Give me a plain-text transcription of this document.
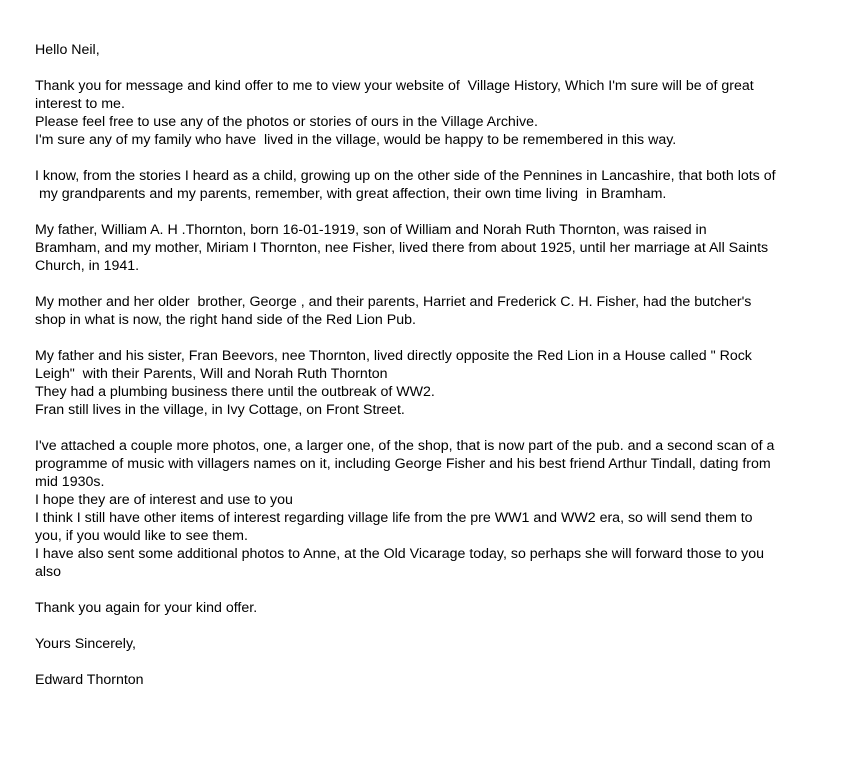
Hello Neil,

Thank you for message and kind offer to me to view your website of  Village History, Which I'm sure will be of great
interest to me.
Please feel free to use any of the photos or stories of ours in the Village Archive.
I'm sure any of my family who have  lived in the village, would be happy to be remembered in this way.

I know, from the stories I heard as a child, growing up on the other side of the Pennines in Lancashire, that both lots of
my grandparents and my parents, remember, with great affection, their own time living  in Bramham.

My father, William A. H .Thornton, born 16-01-1919, son of William and Norah Ruth Thornton, was raised in
Bramham, and my mother, Miriam I Thornton, nee Fisher, lived there from about 1925, until her marriage at All Saints
Church, in 1941.

My mother and her older  brother, George , and their parents, Harriet and Frederick C. H. Fisher, had the butcher's
shop in what is now, the right hand side of the Red Lion Pub.

My father and his sister, Fran Beevors, nee Thornton, lived directly opposite the Red Lion in a House called " Rock
Leigh"  with their Parents, Will and Norah Ruth Thornton
They had a plumbing business there until the outbreak of WW2.
Fran still lives in the village, in Ivy Cottage, on Front Street.

I've attached a couple more photos, one, a larger one, of the shop, that is now part of the pub. and a second scan of a
programme of music with villagers names on it, including George Fisher and his best friend Arthur Tindall, dating from
mid 1930s.
I hope they are of interest and use to you
I think I still have other items of interest regarding village life from the pre WW1 and WW2 era, so will send them to
you, if you would like to see them.
I have also sent some additional photos to Anne, at the Old Vicarage today, so perhaps she will forward those to you
also

Thank you again for your kind offer.

Yours Sincerely,

Edward Thornton
